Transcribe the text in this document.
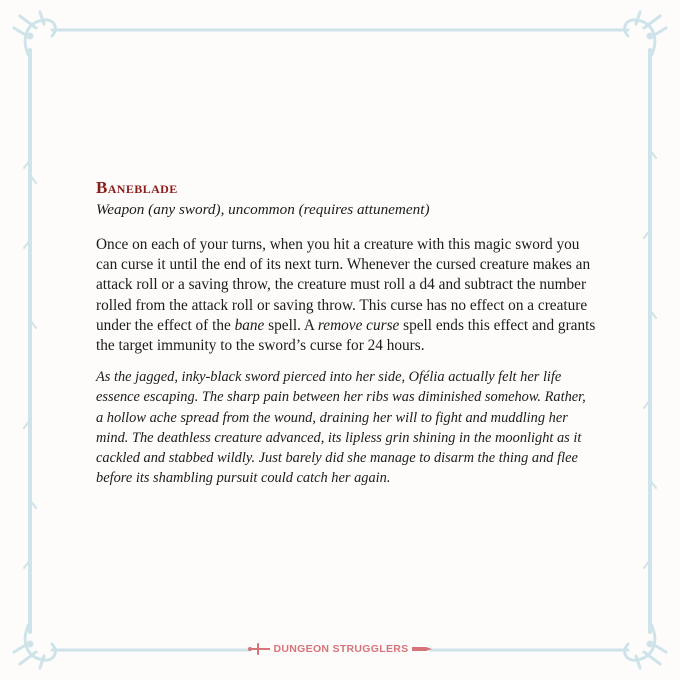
Baneblade

Weapon (any sword), uncommon (requires attunement)

Once on each of your turns, when you hit a creature with this magic sword you can curse it until the end of its next turn. Whenever the cursed creature makes an attack roll or a saving throw, the creature must roll a d4 and subtract the number rolled from the attack roll or saving throw. This curse has no effect on a creature under the effect of the bane spell. A remove curse spell ends this effect and grants the target immunity to the sword’s curse for 24 hours.

As the jagged, inky-black sword pierced into her side, Ofélia actually felt her life essence escaping. The sharp pain between her ribs was diminished somehow. Rather, a hollow ache spread from the wound, draining her will to fight and muddling her mind. The deathless creature advanced, its lipless grin shining in the moonlight as it cackled and stabbed wildly. Just barely did she manage to disarm the thing and flee before its shambling pursuit could catch her again.

DUNGEON STRUGGLERS
